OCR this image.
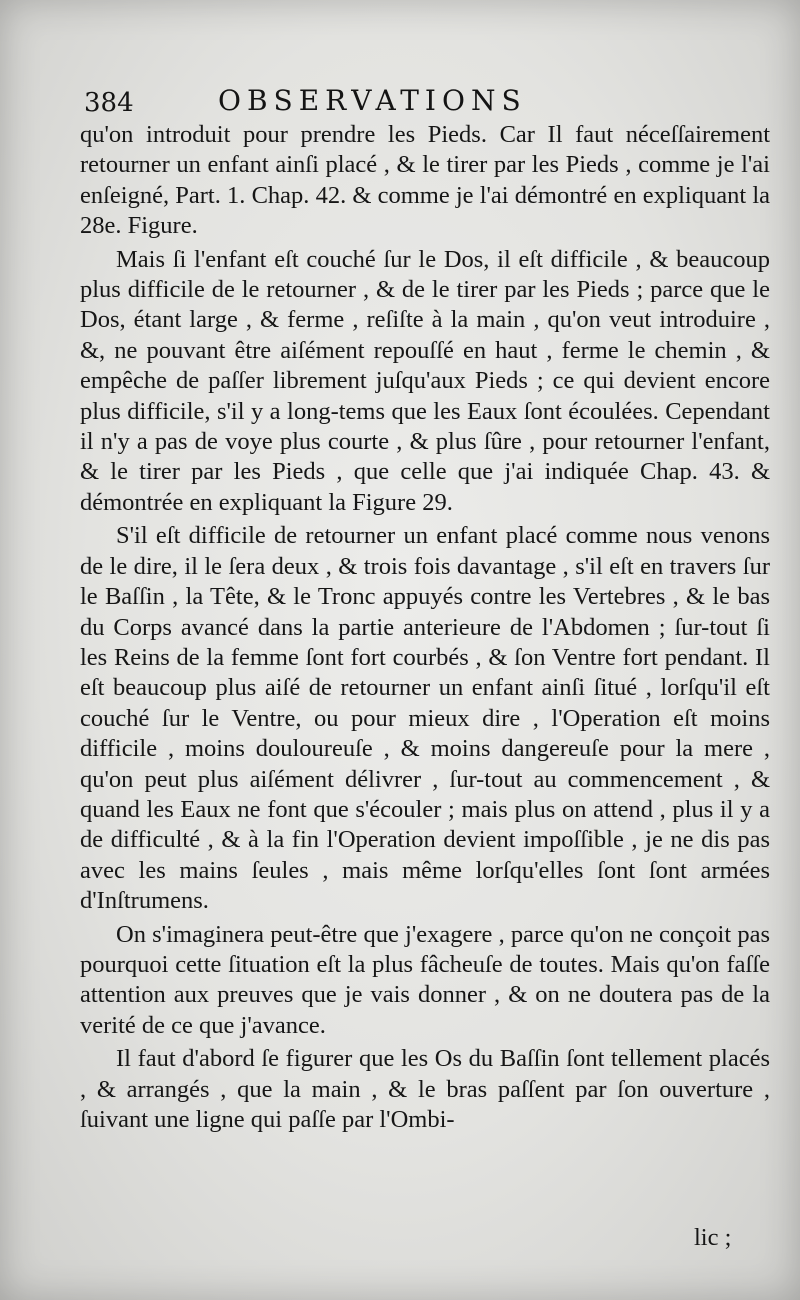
384	OBSERVATIONS

qu'on introduit pour prendre les Pieds. Car Il faut néceſſairement retourner un enfant ainſi placé , & le tirer par les Pieds , comme je l'ai enſeigné, Part. 1. Chap. 42. & comme je l'ai démontré en expliquant la 28e. Figure.

Mais ſi l'enfant eſt couché ſur le Dos, il eſt difficile , & beaucoup plus difficile de le retourner , & de le tirer par les Pieds ; parce que le Dos, étant large , & ferme , reſiſte à la main , qu'on veut introduire , &, ne pouvant être aiſément repouſſé en haut , ferme le chemin , & empêche de paſſer librement juſqu'aux Pieds ; ce qui devient encore plus difficile, s'il y a long-tems que les Eaux ſont écoulées. Cependant il n'y a pas de voye plus courte , & plus ſûre , pour retourner l'enfant, & le tirer par les Pieds , que celle que j'ai indiquée Chap. 43. & démontrée en expliquant la Figure 29.

S'il eſt difficile de retourner un enfant placé comme nous venons de le dire, il le ſera deux , & trois fois davantage , s'il eſt en travers ſur le Baſſin , la Tête, & le Tronc appuyés contre les Vertebres , & le bas du Corps avancé dans la partie anterieure de l'Abdomen ; ſur-tout ſi les Reins de la femme ſont fort courbés , & ſon Ventre fort pendant. Il eſt beaucoup plus aiſé de retourner un enfant ainſi ſitué , lorſqu'il eſt couché ſur le Ventre, ou pour mieux dire , l'Operation eſt moins difficile , moins douloureuſe , & moins dangereuſe pour la mere , qu'on peut plus aiſément délivrer , ſur-tout au commencement , & quand les Eaux ne font que s'écouler ; mais plus on attend , plus il y a de difficulté , & à la fin l'Operation devient impoſſible , je ne dis pas avec les mains ſeules , mais même lorſqu'elles ſont ſont armées d'Inſtrumens.

On s'imaginera peut-être que j'exagere , parce qu'on ne conçoit pas pourquoi cette ſituation eſt la plus fâcheuſe de toutes. Mais qu'on faſſe attention aux preuves que je vais donner , & on ne doutera pas de la verité de ce que j'avance.

Il faut d'abord ſe figurer que les Os du Baſſin ſont tellement placés , & arrangés , que la main , & le bras paſſent par ſon ouverture , ſuivant une ligne qui paſſe par l'Ombi-

lic ;
